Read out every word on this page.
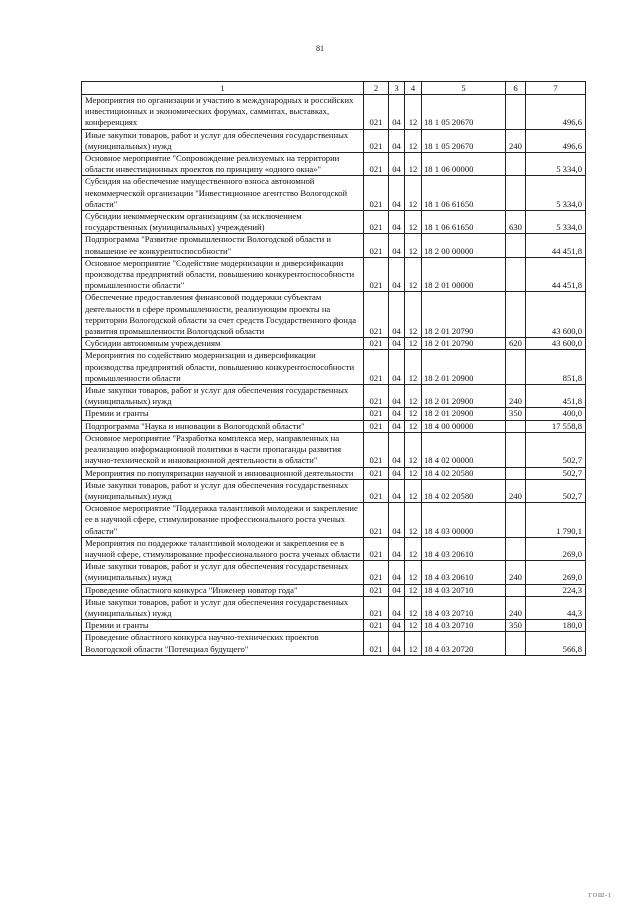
81
1	2	3	4	5	6	7
Мероприятия по организации и участию в международных и российских инвестиционных и экономических форумах, саммитах, выставках, конференциях	021	04	12	18 1 05 20670		496,6
Иные закупки товаров, работ и услуг для обеспечения государственных (муниципальных) нужд	021	04	12	18 1 05 20670	240	496,6
Основное мероприятие "Сопровождение реализуемых на территории области инвестиционных проектов по принципу «одного окна»"	021	04	12	18 1 06 00000		5 334,0
Субсидия на обеспечение имущественного взноса автономной некоммерческой организации "Инвестиционное агентство Вологодской области"	021	04	12	18 1 06 61650		5 334,0
Субсидии некоммерческим организациям (за исключением государственных (муниципальных) учреждений)	021	04	12	18 1 06 61650	630	5 334,0
Подпрограмма "Развитие промышленности Вологодской области и повышение ее конкурентоспособности"	021	04	12	18 2 00 00000		44 451,8
Основное мероприятие "Содействие модернизации и диверсификации производства предприятий области, повышению конкурентоспособности промышленности области"	021	04	12	18 2 01 00000		44 451,8
Обеспечение предоставления финансовой поддержки субъектам деятельности в сфере промышленности, реализующим проекты на территории Вологодской области за счет средств Государственного фонда развития промышленности Вологодской области	021	04	12	18 2 01 20790		43 600,0
Субсидии автономным учреждениям	021	04	12	18 2 01 20790	620	43 600,0
Мероприятия по содействию модернизации и диверсификации производства предприятий области, повышению конкурентоспособности промышленности области	021	04	12	18 2 01 20900		851,8
Иные закупки товаров, работ и услуг для обеспечения государственных (муниципальных) нужд	021	04	12	18 2 01 20900	240	451,8
Премии и гранты	021	04	12	18 2 01 20900	350	400,0
Подпрограмма "Наука и инновации в Вологодской области"	021	04	12	18 4 00 00000		17 558,8
Основное мероприятие "Разработка комплекса мер, направленных на реализацию информационной политики в части пропаганды развития научно-технической и инновационной деятельности в области"	021	04	12	18 4 02 00000		502,7
Мероприятия по популяризации научной и инновационной деятельности	021	04	12	18 4 02 20580		502,7
Иные закупки товаров, работ и услуг для обеспечения государственных (муниципальных) нужд	021	04	12	18 4 02 20580	240	502,7
Основное мероприятие "Поддержка талантливой молодежи и закрепление ее в научной сфере, стимулирование профессионального роста ученых области"	021	04	12	18 4 03 00000		1 790,1
Мероприятия по поддержке талантливой молодежи и закрепления ее в научной сфере, стимулирование профессионального роста ученых области	021	04	12	18 4 03 20610		269,0
Иные закупки товаров, работ и услуг для обеспечения государственных (муниципальных) нужд	021	04	12	18 4 03 20610	240	269,0
Проведение областного конкурса "Инженер новатор года"	021	04	12	18 4 03 20710		224,3
Иные закупки товаров, работ и услуг для обеспечения государственных (муниципальных) нужд	021	04	12	18 4 03 20710	240	44,3
Премии и гранты	021	04	12	18 4 03 20710	350	180,0
Проведение областного конкурса научно-технических проектов Вологодской области "Потенциал будущего"	021	04	12	18 4 03 20720		566,8
ГОШ-1
